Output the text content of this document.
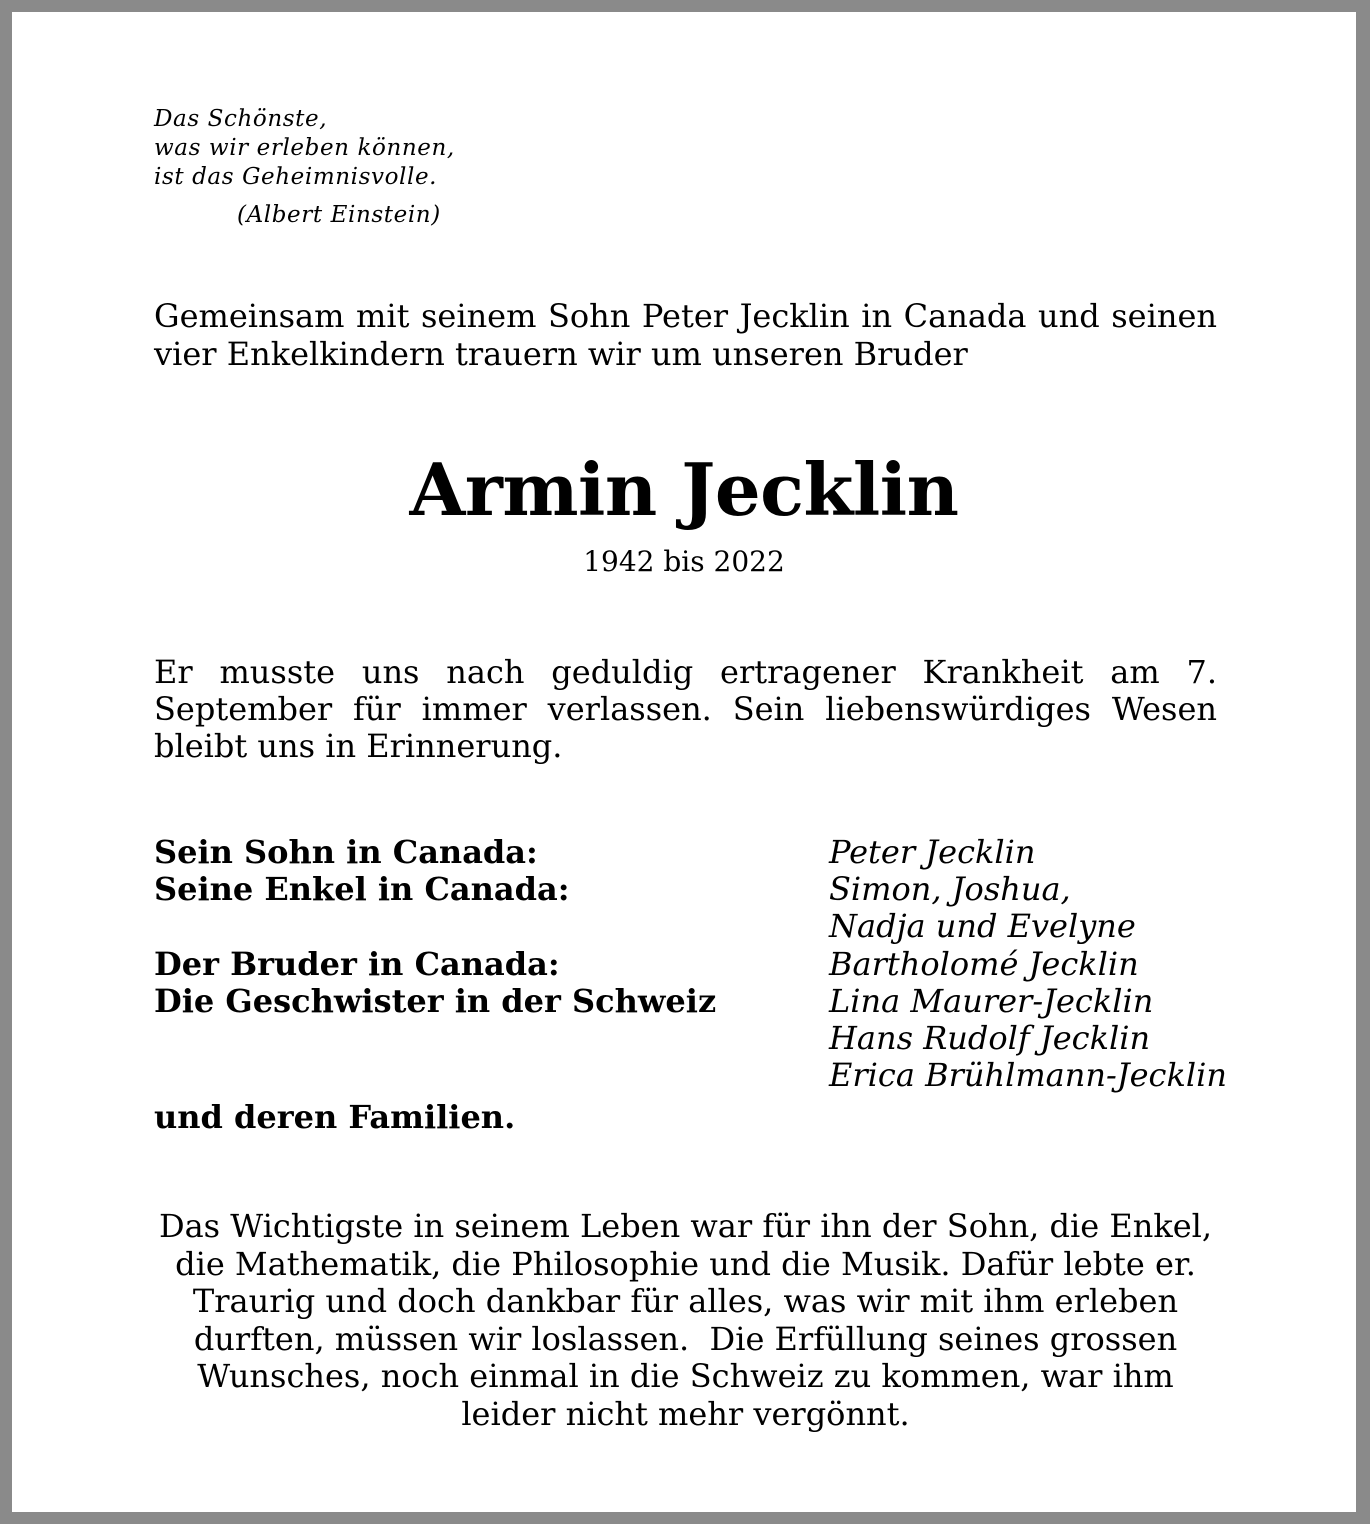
Das Schönste,
was wir erleben können,
ist das Geheimnisvolle.
(Albert Einstein)

Gemeinsam mit seinem Sohn Peter Jecklin in Canada und seinen vier Enkelkindern trauern wir um unseren Bruder

Armin Jecklin
1942 bis 2022

Er musste uns nach geduldig ertragener Krankheit am 7. September für immer verlassen. Sein liebenswürdiges Wesen bleibt uns in Erinnerung.

Sein Sohn in Canada:	Peter Jecklin
Seine Enkel in Canada:	Simon, Joshua,
Nadja und Evelyne
Der Bruder in Canada:	Bartholomé Jecklin
Die Geschwister in der Schweiz	Lina Maurer-Jecklin
Hans Rudolf Jecklin
Erica Brühlmann-Jecklin
und deren Familien.
Das Wichtigste in seinem Leben war für ihn der Sohn, die Enkel,
die Mathematik, die Philosophie und die Musik. Dafür lebte er.
Traurig und doch dankbar für alles, was wir mit ihm erleben
durften, müssen wir loslassen.  Die Erfüllung seines grossen
Wunsches, noch einmal in die Schweiz zu kommen, war ihm
leider nicht mehr vergönnt.
